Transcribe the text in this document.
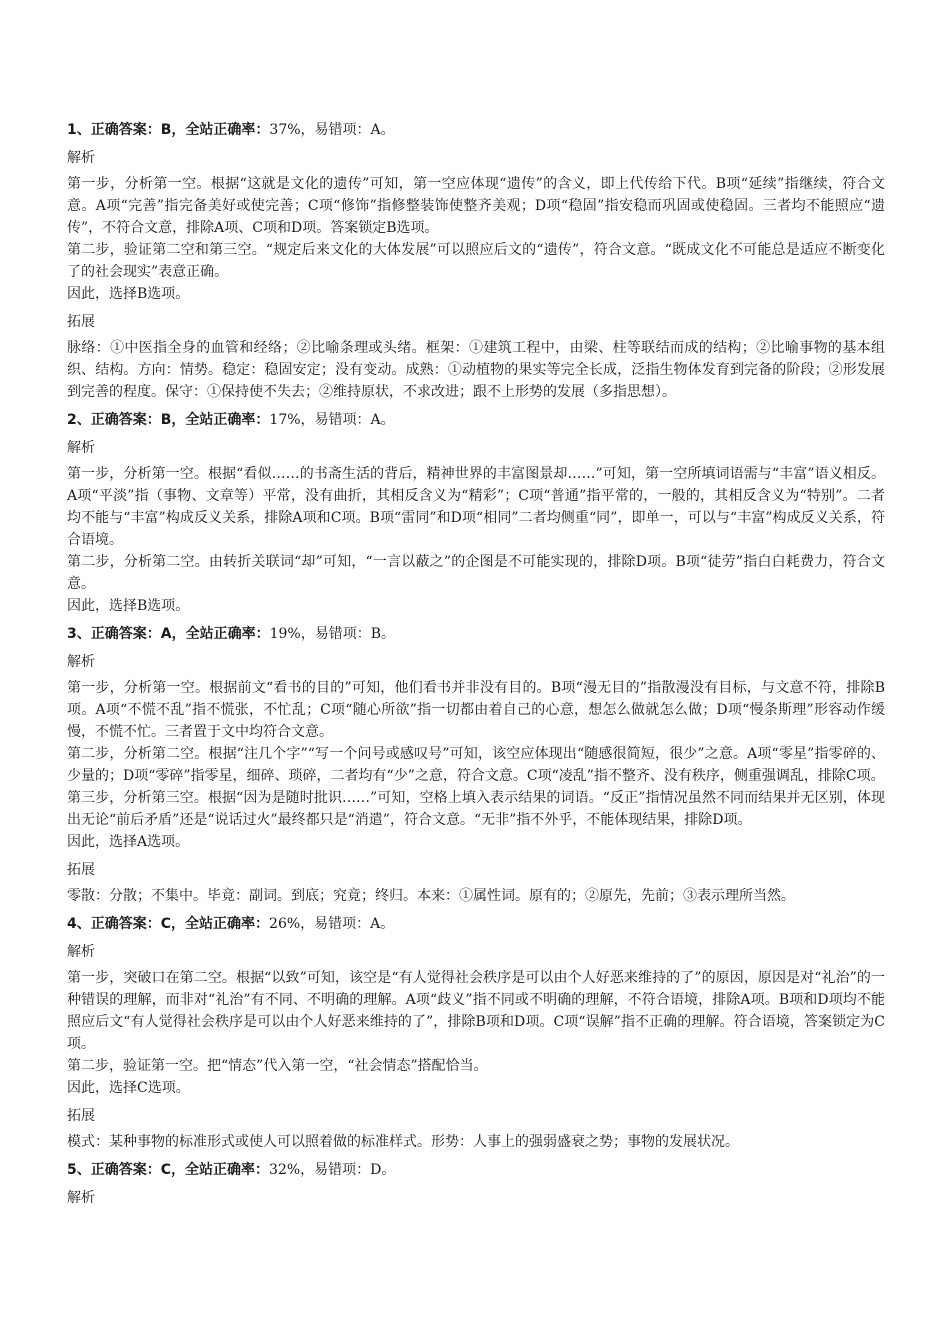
1、正确答案：B，全站正确率：37%，易错项：A。

解析

第一步，分析第一空。根据“这就是文化的遗传”可知，第一空应体现“遗传”的含义，即上代传给下代。B项“延续”指继续，符合文意。A项“完善”指完备美好或使完善；C项“修饰”指修整装饰使整齐美观；D项“稳固”指安稳而巩固或使稳固。三者均不能照应“遗传”，不符合文意，排除A项、C项和D项。答案锁定B选项。

第二步，验证第二空和第三空。“规定后来文化的大体发展”可以照应后文的“遗传”，符合文意。“既成文化不可能总是适应不断变化了的社会现实”表意正确。

因此，选择B选项。

拓展

脉络：①中医指全身的血管和经络；②比喻条理或头绪。框架：①建筑工程中，由梁、柱等联结而成的结构；②比喻事物的基本组织、结构。方向：情势。稳定：稳固安定；没有变动。成熟：①动植物的果实等完全长成，泛指生物体发育到完备的阶段；②形发展到完善的程度。保守：①保持使不失去；②维持原状，不求改进；跟不上形势的发展（多指思想）。

2、正确答案：B，全站正确率：17%，易错项：A。

解析

第一步，分析第一空。根据“看似……的书斋生活的背后，精神世界的丰富图景却……”可知，第一空所填词语需与“丰富”语义相反。A项“平淡”指（事物、文章等）平常，没有曲折，其相反含义为“精彩”；C项“普通”指平常的，一般的，其相反含义为“特别”。二者均不能与“丰富”构成反义关系，排除A项和C项。B项“雷同”和D项“相同”二者均侧重“同”，即单一，可以与“丰富”构成反义关系，符合语境。

第二步，分析第二空。由转折关联词“却”可知，“一言以蔽之”的企图是不可能实现的，排除D项。B项“徒劳”指白白耗费力，符合文意。

因此，选择B选项。

3、正确答案：A，全站正确率：19%，易错项：B。

解析

第一步，分析第一空。根据前文“看书的目的”可知，他们看书并非没有目的。B项“漫无目的”指散漫没有目标，与文意不符，排除B项。A项“不慌不乱”指不慌张，不忙乱；C项“随心所欲”指一切都由着自己的心意，想怎么做就怎么做；D项“慢条斯理”形容动作缓慢，不慌不忙。三者置于文中均符合文意。

第二步，分析第二空。根据“注几个字”“写一个问号或感叹号”可知，该空应体现出“随感很简短，很少”之意。A项“零星”指零碎的、少量的；D项“零碎”指零星，细碎、琐碎，二者均有“少”之意，符合文意。C项“凌乱”指不整齐、没有秩序，侧重强调乱，排除C项。

第三步，分析第三空。根据“因为是随时批识……”可知，空格上填入表示结果的词语。“反正”指情况虽然不同而结果并无区别，体现出无论“前后矛盾”还是“说话过火”最终都只是“消遣”，符合文意。“无非”指不外乎，不能体现结果，排除D项。

因此，选择A选项。

拓展

零散：分散；不集中。毕竟：副词。到底；究竟；终归。本来：①属性词。原有的；②原先，先前；③表示理所当然。

4、正确答案：C，全站正确率：26%，易错项：A。

解析

第一步，突破口在第二空。根据“以致”可知，该空是“有人觉得社会秩序是可以由个人好恶来维持的了”的原因，原因是对“礼治”的一种错误的理解，而非对“礼治”有不同、不明确的理解。A项“歧义”指不同或不明确的理解，不符合语境，排除A项。B项和D项均不能照应后文“有人觉得社会秩序是可以由个人好恶来维持的了”，排除B项和D项。C项“误解”指不正确的理解。符合语境，答案锁定为C项。

第二步，验证第一空。把“情态”代入第一空，“社会情态”搭配恰当。

因此，选择C选项。

拓展

模式：某种事物的标准形式或使人可以照着做的标准样式。形势：人事上的强弱盛衰之势；事物的发展状况。

5、正确答案：C，全站正确率：32%，易错项：D。

解析
